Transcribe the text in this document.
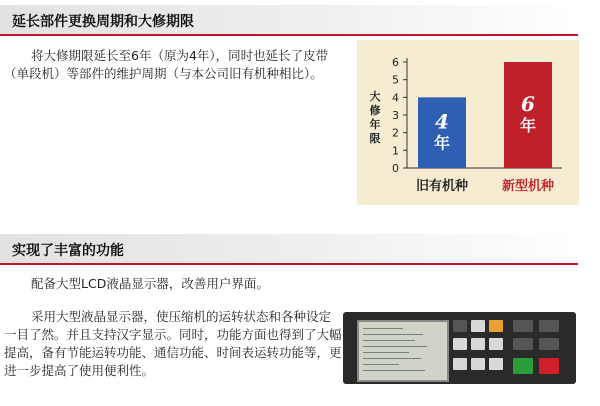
延长部件更换周期和大修期限
将大修期限延长至6年（原为4年），同时也延长了皮带（单段机）等部件的维护周期（与本公司旧有机种相比）。
大
修
年
限
0
1
2
3
4
5
6
4
年
6
年
旧有机种	新型机种
实现了丰富的功能
配备大型LCD液晶显示器，改善用户界面。
采用大型液晶显示器，使压缩机的运转状态和各种设定一目了然。并且支持汉字显示。同时，功能方面也得到了大幅提高，备有节能运转功能、通信功能、时间表运转功能等，更进一步提高了使用便利性。
